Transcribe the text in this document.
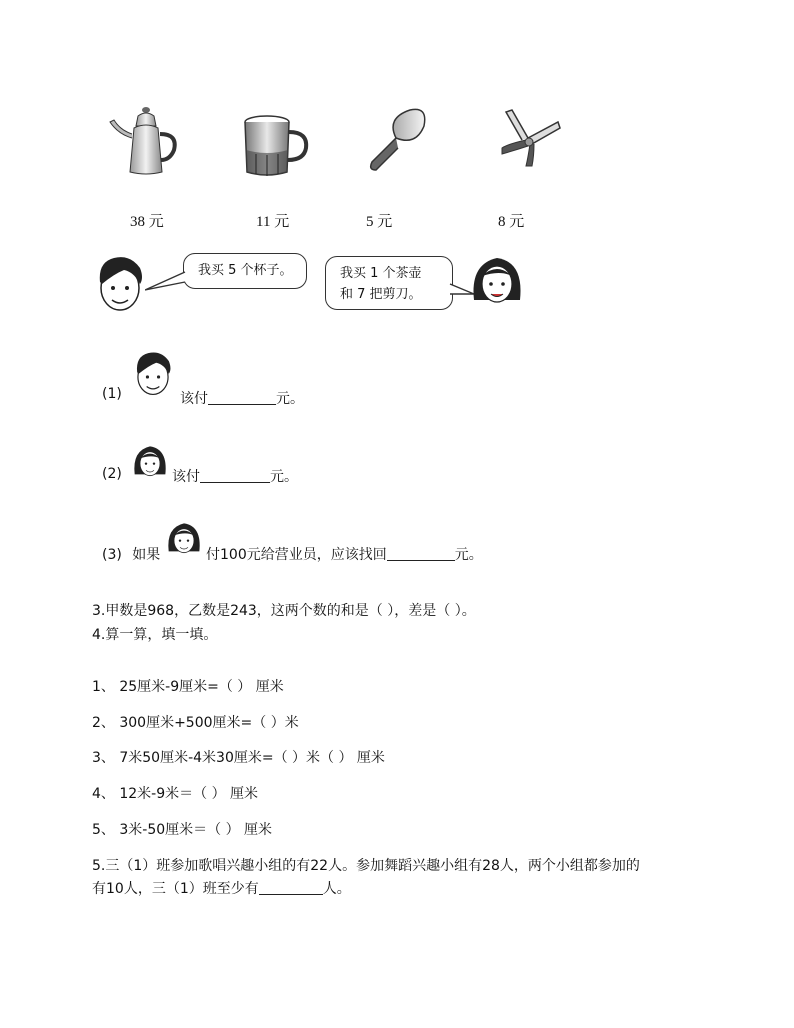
38 元	11 元	5 元	8 元
我买 5 个杯子。	我买 1 个茶壶
和 7 把剪刀。
(1)	该付	元。
(2)	该付	元。
(3) 如果	付100元给营业员，应该找回	元。
3.甲数是968，乙数是243，这两个数的和是（ ），差是（ ）。
4.算一算，填一填。
1、 25厘米-9厘米=（ ） 厘米
2、 300厘米+500厘米=（ ）米
3、 7米50厘米-4米30厘米=（ ）米（ ） 厘米
4、 12米-9米＝（ ） 厘米
5、 3米-50厘米＝（ ） 厘米
5.三（1）班参加歌唱兴趣小组的有22人。参加舞蹈兴趣小组有28人，两个小组都参加的
有10人，三（1）班至少有	人。
